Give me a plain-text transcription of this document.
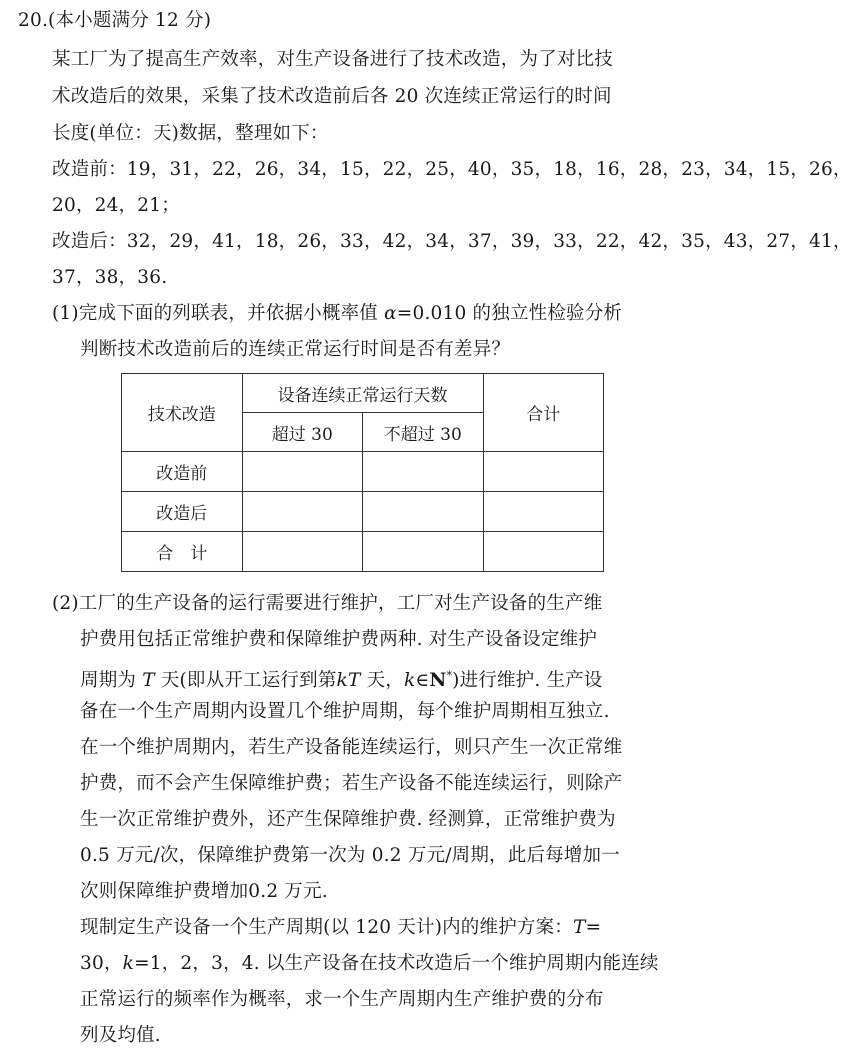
20.(本小题满分 12 分)
某工厂为了提高生产效率，对生产设备进行了技术改造，为了对比技
术改造后的效果，采集了技术改造前后各 20 次连续正常运行的时间
长度(单位：天)数据，整理如下：
改造前：19，31，22，26，34，15，22，25，40，35，18，16，28，23，34，15，26，
20，24，21；
改造后：32，29，41，18，26，33，42，34，37，39，33，22，42，35，43，27，41，
37，38，36.
(1)完成下面的列联表，并依据小概率值 α=0.010 的独立性检验分析
判断技术改造前后的连续正常运行时间是否有差异？
技术改造	设备连续正常运行天数		合计
	超过 30	不超过 30	
改造前			
改造后			
合　计			
(2)工厂的生产设备的运行需要进行维护，工厂对生产设备的生产维
护费用包括正常维护费和保障维护费两种. 对生产设备设定维护
周期为 T 天(即从开工运行到第kT 天，k∈N*)进行维护. 生产设
备在一个生产周期内设置几个维护周期，每个维护周期相互独立.
在一个维护周期内，若生产设备能连续运行，则只产生一次正常维
护费，而不会产生保障维护费；若生产设备不能连续运行，则除产
生一次正常维护费外，还产生保障维护费. 经测算，正常维护费为
0.5 万元/次，保障维护费第一次为 0.2 万元/周期，此后每增加一
次则保障维护费增加0.2 万元.
现制定生产设备一个生产周期(以 120 天计)内的维护方案：T=
30，k=1，2，3，4. 以生产设备在技术改造后一个维护周期内能连续
正常运行的频率作为概率，求一个生产周期内生产维护费的分布
列及均值.
